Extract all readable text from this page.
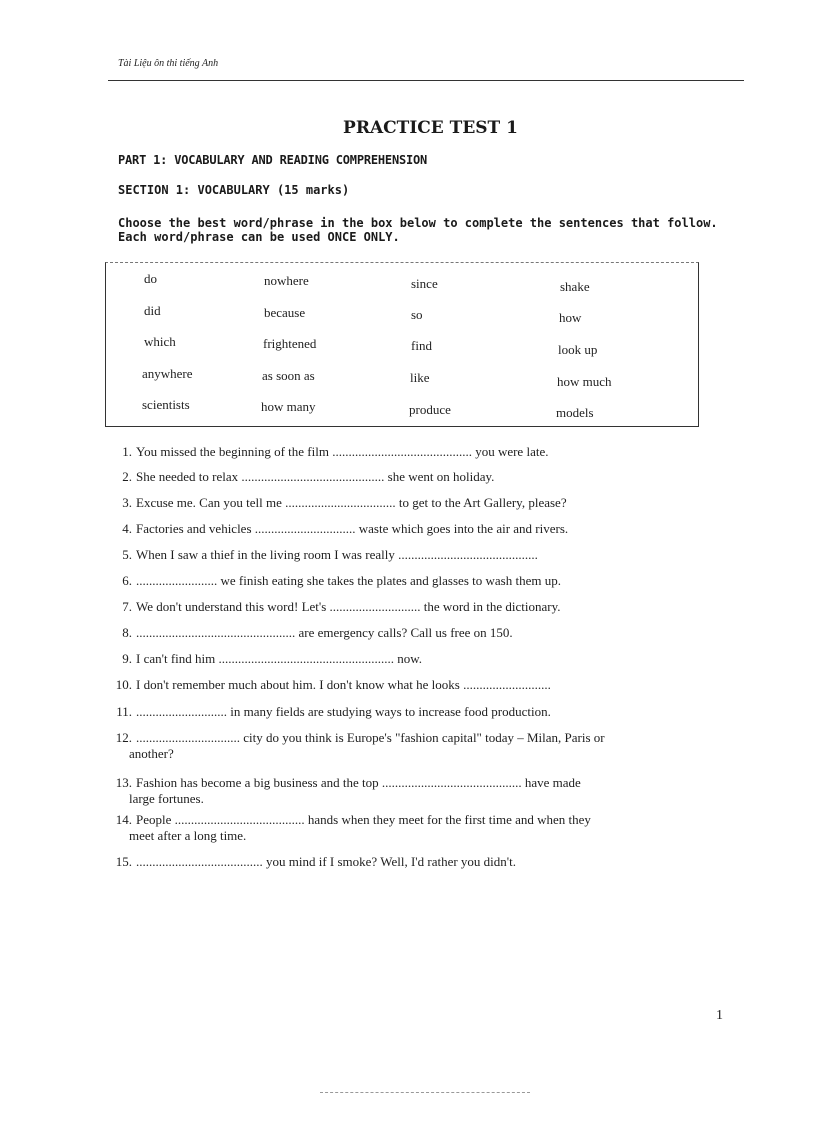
Tài Liệu ôn thi tiếng Anh
PRACTICE TEST 1
PART 1: VOCABULARY AND READING COMPREHENSION
SECTION 1: VOCABULARY (15 marks)
Choose the best word/phrase in the box below to complete the sentences that follow.
Each word/phrase can be used ONCE ONLY.
do
did
which
anywhere
scientists
nowhere
because
frightened
as soon as
how many
since
so
find
like
produce
shake
how
look up
how much
models
1. You missed the beginning of the film ........................................... you were late.
2. She needed to relax ............................................ she went on holiday.
3. Excuse me. Can you tell me .................................. to get to the Art Gallery, please?
4. Factories and vehicles ............................... waste which goes into the air and rivers.
5. When I saw a thief in the living room I was really ...........................................
6. ......................... we finish eating she takes the plates and glasses to wash them up.
7. We don't understand this word! Let's ............................ the word in the dictionary.
8. ................................................. are emergency calls? Call us free on 150.
9. I can't find him ...................................................... now.
10. I don't remember much about him. I don't know what he looks ...........................
11. ............................ in many fields are studying ways to increase food production.
12. ................................ city do you think is Europe's "fashion capital" today – Milan, Paris or
another?
13. Fashion has become a big business and the top ........................................... have made
large fortunes.
14. People ........................................ hands when they meet for the first time and when they
meet after a long time.
15. ....................................... you mind if I smoke? Well, I'd rather you didn't.
1
